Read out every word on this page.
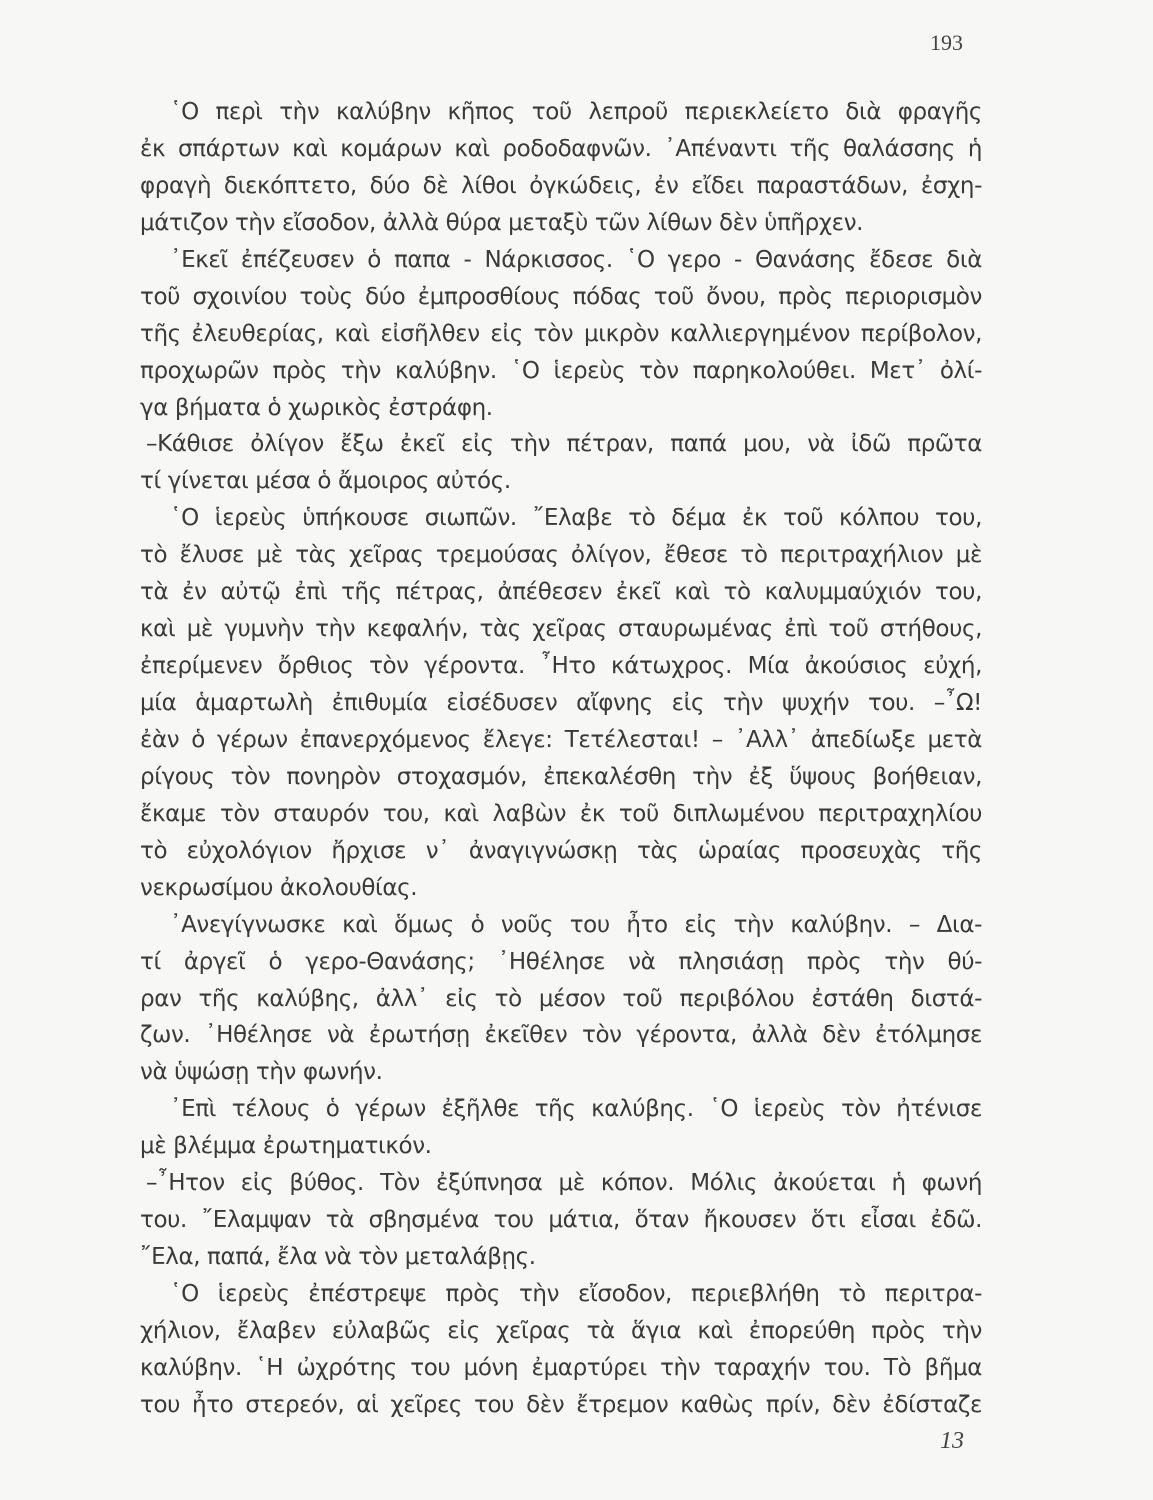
193
῾Ο περὶ τὴν καλύβην κῆπος τοῦ λεπροῦ περιεκλείετο διὰ φραγῆς
ἐκ σπάρτων καὶ κομάρων καὶ ροδοδαφνῶν. ᾿Απέναντι τῆς θαλάσσης ἡ
φραγὴ διεκόπτετο, δύο δὲ λίθοι ὀγκώδεις, ἐν εἴδει παραστάδων, ἐσχη-
μάτιζον τὴν εἴσοδον, ἀλλὰ θύρα μεταξὺ τῶν λίθων δὲν ὑπῆρχεν.
᾿Εκεῖ ἐπέζευσεν ὁ παπα - Νάρκισσος. ῾Ο γερο - Θανάσης ἔδεσε διὰ
τοῦ σχοινίου τοὺς δύο ἐμπροσθίους πόδας τοῦ ὄνου, πρὸς περιορισμὸν
τῆς ἐλευθερίας, καὶ εἰσῆλθεν εἰς τὸν μικρὸν καλλιεργημένον περίβολον,
προχωρῶν πρὸς τὴν καλύβην. ῾Ο ἱερεὺς τὸν παρηκολούθει. Μετ᾿ ὀλί-
γα βήματα ὁ χωρικὸς ἐστράφη.
–Κάθισε ὀλίγον ἔξω ἐκεῖ εἰς τὴν πέτραν, παπά μου, νὰ ἰδῶ πρῶτα
τί γίνεται μέσα ὁ ἄμοιρος αὐτός.
῾Ο ἱερεὺς ὑπήκουσε σιωπῶν. ῎Ελαβε τὸ δέμα ἐκ τοῦ κόλπου του,
τὸ ἔλυσε μὲ τὰς χεῖρας τρεμούσας ὀλίγον, ἔθεσε τὸ περιτραχήλιον μὲ
τὰ ἐν αὐτῷ ἐπὶ τῆς πέτρας, ἀπέθεσεν ἐκεῖ καὶ τὸ καλυμμαύχιόν του,
καὶ μὲ γυμνὴν τὴν κεφαλήν, τὰς χεῖρας σταυρωμένας ἐπὶ τοῦ στήθους,
ἐπερίμενεν ὄρθιος τὸν γέροντα. ῏Ητο κάτωχρος. Μία ἀκούσιος εὐχή,
μία ἁμαρτωλὴ ἐπιθυμία εἰσέδυσεν αἴφνης εἰς τὴν ψυχήν του. –῏Ω!
ἐὰν ὁ γέρων ἐπανερχόμενος ἔλεγε: Τετέλεσται! – ᾿Αλλ᾿ ἀπεδίωξε μετὰ
ρίγους τὸν πονηρὸν στοχασμόν, ἐπεκαλέσθη τὴν ἐξ ὕψους βοήθειαν,
ἔκαμε τὸν σταυρόν του, καὶ λαβὼν ἐκ τοῦ διπλωμένου περιτραχηλίου
τὸ εὐχολόγιον ἤρχισε ν᾿ ἀναγιγνώσκῃ τὰς ὡραίας προσευχὰς τῆς
νεκρωσίμου ἀκολουθίας.
᾿Ανεγίγνωσκε καὶ ὅμως ὁ νοῦς του ἦτο εἰς τὴν καλύβην. – Δια-
τί ἀργεῖ ὁ γερο-Θανάσης; ᾿Ηθέλησε νὰ πλησιάσῃ πρὸς τὴν θύ-
ραν τῆς καλύβης, ἀλλ᾿ εἰς τὸ μέσον τοῦ περιβόλου ἐστάθη διστά-
ζων. ᾿Ηθέλησε νὰ ἐρωτήσῃ ἐκεῖθεν τὸν γέροντα, ἀλλὰ δὲν ἐτόλμησε
νὰ ὑψώσῃ τὴν φωνήν.
᾿Επὶ τέλους ὁ γέρων ἐξῆλθε τῆς καλύβης. ῾Ο ἱερεὺς τὸν ἠτένισε
μὲ βλέμμα ἐρωτηματικόν.
–῏Ητον εἰς βύθος. Τὸν ἐξύπνησα μὲ κόπον. Μόλις ἀκούεται ἡ φωνή
του. ῎Ελαμψαν τὰ σβησμένα του μάτια, ὅταν ἤκουσεν ὅτι εἶσαι ἐδῶ.
῎Ελα, παπά, ἔλα νὰ τὸν μεταλάβῃς.
῾Ο ἱερεὺς ἐπέστρεψε πρὸς τὴν εἴσοδον, περιεβλήθη τὸ περιτρα-
χήλιον, ἔλαβεν εὐλαβῶς εἰς χεῖρας τὰ ἅγια καὶ ἐπορεύθη πρὸς τὴν
καλύβην. ῾Η ὠχρότης του μόνη ἐμαρτύρει τὴν ταραχήν του. Τὸ βῆμα
του ἦτο στερεόν, αἱ χεῖρες του δὲν ἔτρεμον καθὼς πρίν, δὲν ἐδίσταζε
13
